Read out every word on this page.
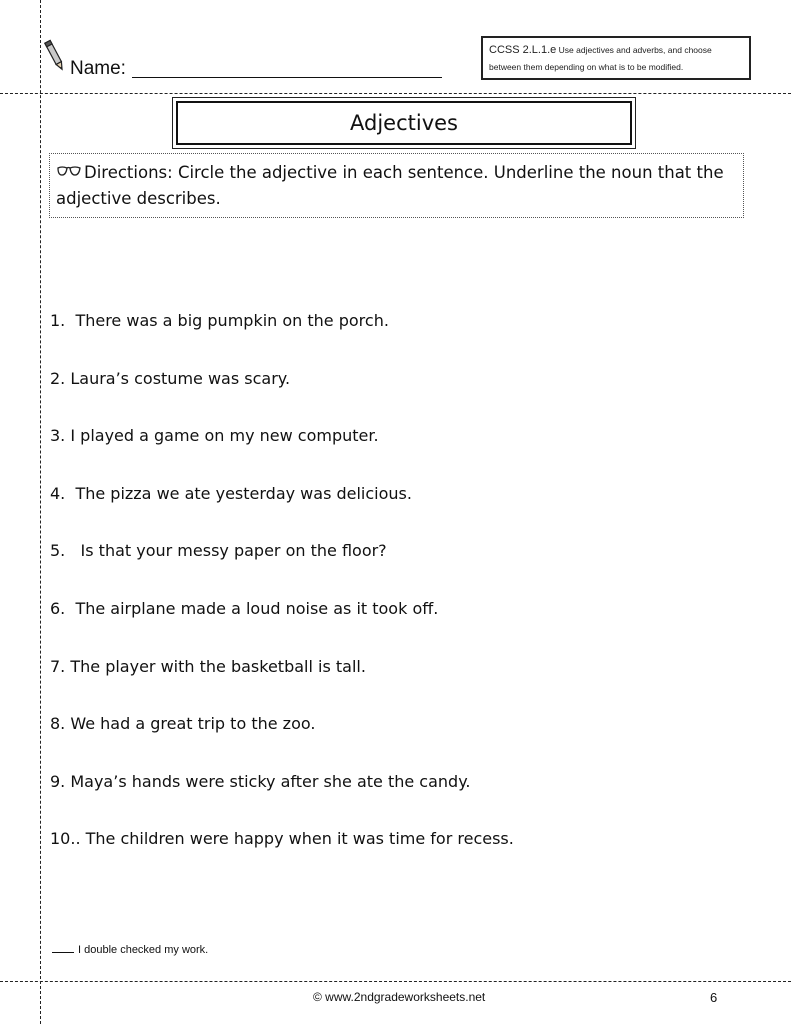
Name:
CCSS 2.L.1.e Use adjectives and adverbs, and choose between them depending on what is to be modified.
Adjectives
Directions: Circle the adjective in each sentence. Underline the noun that the adjective describes.
1.  There was a big pumpkin on the porch.
2. Laura’s costume was scary.
3. I played a game on my new computer.
4.  The pizza we ate yesterday was delicious.
5.   Is that your messy paper on the floor?
6.  The airplane made a loud noise as it took off.
7. The player with the basketball is tall.
8. We had a great trip to the zoo.
9. Maya’s hands were sticky after she ate the candy.
10.. The children were happy when it was time for recess.
I double checked my work.
© www.2ndgradeworksheets.net	6
